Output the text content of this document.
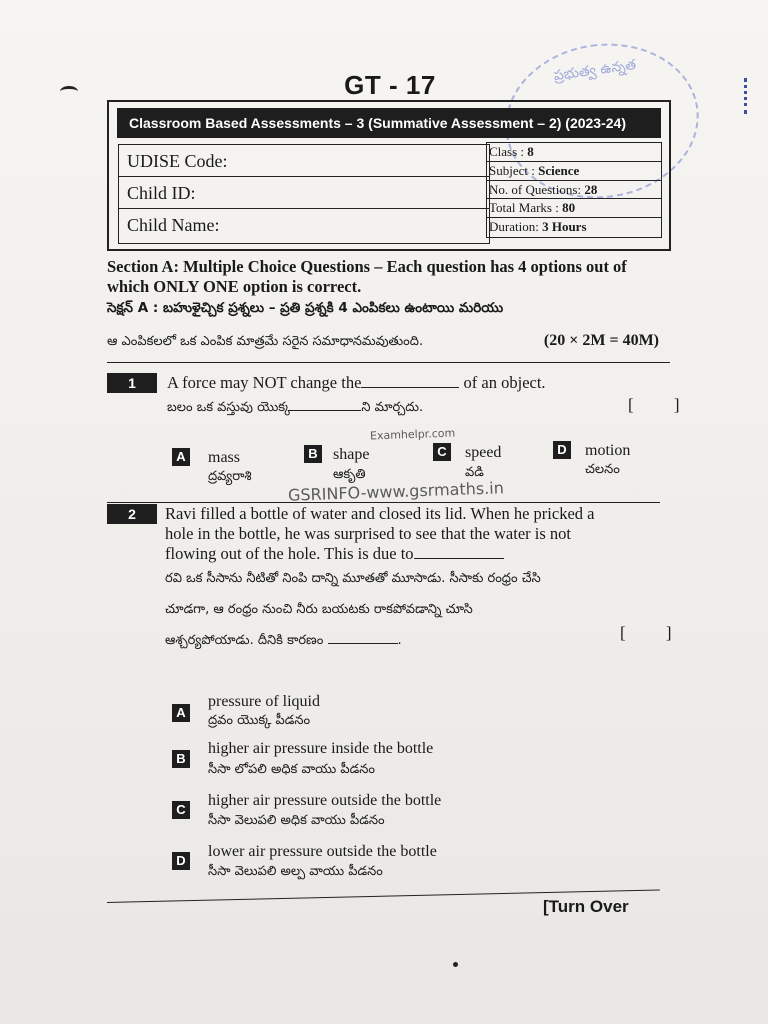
ప్రభుత్వ ఉన్నత
GT - 17
Classroom Based Assessments – 3 (Summative Assessment – 2) (2023-24)
UDISE Code:
Child ID:
Child Name:
Class : 8
Subject : Science
No. of Questions: 28
Total Marks : 80
Duration: 3 Hours
Section A: Multiple Choice Questions – Each question has 4 options out of which ONLY ONE option is correct.
సెక్షన్ A : బహుళైచ్చిక ప్రశ్నలు – ప్రతి ప్రశ్నకి 4 ఎంపికలు ఉంటాయి మరియు
ఆ ఎంపికలలో ఒక ఎంపిక మాత్రమే సరైన సమాధానమవుతుంది.	(20 × 2M = 40M)
1	A force may NOT change the	of an object.
బలం ఒక వస్తువు యొక్క	ని మార్చదు.	[ ]
Examhelpr.com
A mass
ద్రవ్యరాశి
B shape
ఆకృతి
C speed
వడి
D motion
చలనం
GSRINFO-www.gsrmaths.in
2	Ravi filled a bottle of water and closed its lid. When he pricked a
hole in the bottle, he was surprised to see that the water is not
flowing out of the hole. This is due to
రవి ఒక సీసాను నీటితో నింపి దాన్ని మూతతో మూసాడు. సీసాకు రంధ్రం చేసి
చూడగా, ఆ రంధ్రం నుంచి నీరు బయటకు రాకపోవడాన్ని చూసి
ఆశ్చర్యపోయాడు. దీనికి కారణం	.	[ ]
A
pressure of liquid
ద్రవం యొక్క పీడనం
B
higher air pressure inside the bottle
సీసా లోపలి అధిక వాయు పీడనం
C
higher air pressure outside the bottle
సీసా వెలుపలి అధిక వాయు పీడనం
D
lower air pressure outside the bottle
సీసా వెలుపలి అల్ప వాయు పీడనం
[Turn Over
